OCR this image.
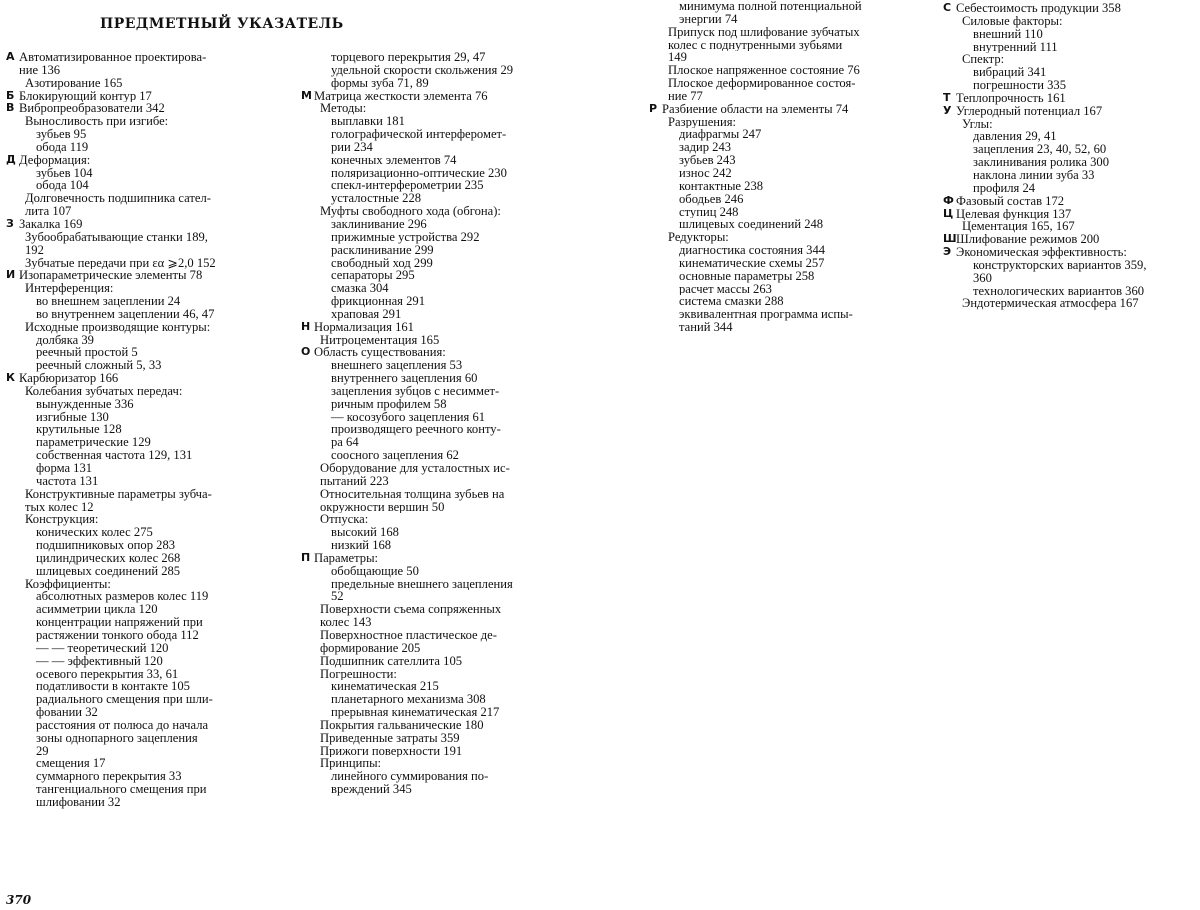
ПРЕДМЕТНЫЙ УКАЗАТЕЛЬ
А Автоматизированное проектирова-
ние 136
Азотирование 165
Б Блокирующий контур 17
В Вибропреобразователи 342
Выносливость при изгибе:
зубьев 95
обода 119
Д Деформация:
зубьев 104
обода 104
Долговечность подшипника сател-
лита 107
З Закалка 169
Зубообрабатывающие станки 189,
192
Зубчатые передачи при εα ⩾2,0 152
И Изопараметрические элементы 78
Интерференция:
во внешнем зацеплении 24
во внутреннем зацеплении 46, 47
Исходные производящие контуры:
долбяка 39
реечный простой 5
реечный сложный 5, 33
К Карбюризатор 166
Колебания зубчатых передач:
вынужденные 336
изгибные 130
крутильные 128
параметрические 129
собственная частота 129, 131
форма 131
частота 131
Конструктивные параметры зубча-
тых колес 12
Конструкция:
конических колес 275
подшипниковых опор 283
цилиндрических колес 268
шлицевых соединений 285
Коэффициенты:
абсолютных размеров колес 119
асимметрии цикла 120
концентрации напряжений при
растяжении тонкого обода 112
— — теоретический 120
— — эффективный 120
осевого перекрытия 33, 61
податливости в контакте 105
радиального смещения при шли-
фовании 32
расстояния от полюса до начала
зоны однопарного зацепления
29
смещения 17
суммарного перекрытия 33
тангенциального смещения при
шлифовании 32
торцевого перекрытия 29, 47
удельной скорости скольжения 29
формы зуба 71, 89
М Матрица жесткости элемента 76
Методы:
выплавки 181
голографической интерферомет-
рии 234
конечных элементов 74
поляризационно-оптические 230
спекл-интерферометрии 235
усталостные 228
Муфты свободного хода (обгона):
заклинивание 296
прижимные устройства 292
расклинивание 299
свободный ход 299
сепараторы 295
смазка 304
фрикционная 291
храповая 291
Н Нормализация 161
Нитроцементация 165
О Область существования:
внешнего зацепления 53
внутреннего зацепления 60
зацепления зубцов с несиммет-
ричным профилем 58
— косозубого зацепления 61
производящего реечного конту-
ра 64
соосного зацепления 62
Оборудование для усталостных ис-
пытаний 223
Относительная толщина зубьев на
окружности вершин 50
Отпуска:
высокий 168
низкий 168
П Параметры:
обобщающие 50
предельные внешнего зацепления
52
Поверхности съема сопряженных
колес 143
Поверхностное пластическое де-
формирование 205
Подшипник сателлита 105
Погрешности:
кинематическая 215
планетарного механизма 308
прерывная кинематическая 217
Покрытия гальванические 180
Приведенные затраты 359
Прижоги поверхности 191
Принципы:
линейного суммирования по-
вреждений 345
минимума полной потенциальной
энергии 74
Припуск под шлифование зубчатых
колес с поднутренными зубьями
149
Плоское напряженное состояние 76
Плоское деформированное состоя-
ние 77
Р Разбиение области на элементы 74
Разрушения:
диафрагмы 247
задир 243
зубьев 243
износ 242
контактные 238
ободьев 246
ступиц 248
шлицевых соединений 248
Редукторы:
диагностика состояния 344
кинематические схемы 257
основные параметры 258
расчет массы 263
система смазки 288
эквивалентная программа испы-
таний 344
С Себестоимость продукции 358
Силовые факторы:
внешний 110
внутренний 111
Спектр:
вибраций 341
погрешности 335
Т Теплопрочность 161
У Углеродный потенциал 167
Углы:
давления 29, 41
зацепления 23, 40, 52, 60
заклинивания ролика 300
наклона линии зуба 33
профиля 24
Ф Фазовый состав 172
Ц Целевая функция 137
Цементация 165, 167
Ш Шлифование режимов 200
Э Экономическая эффективность:
конструкторских вариантов 359,
360
технологических вариантов 360
Эндотермическая атмосфера 167
370
